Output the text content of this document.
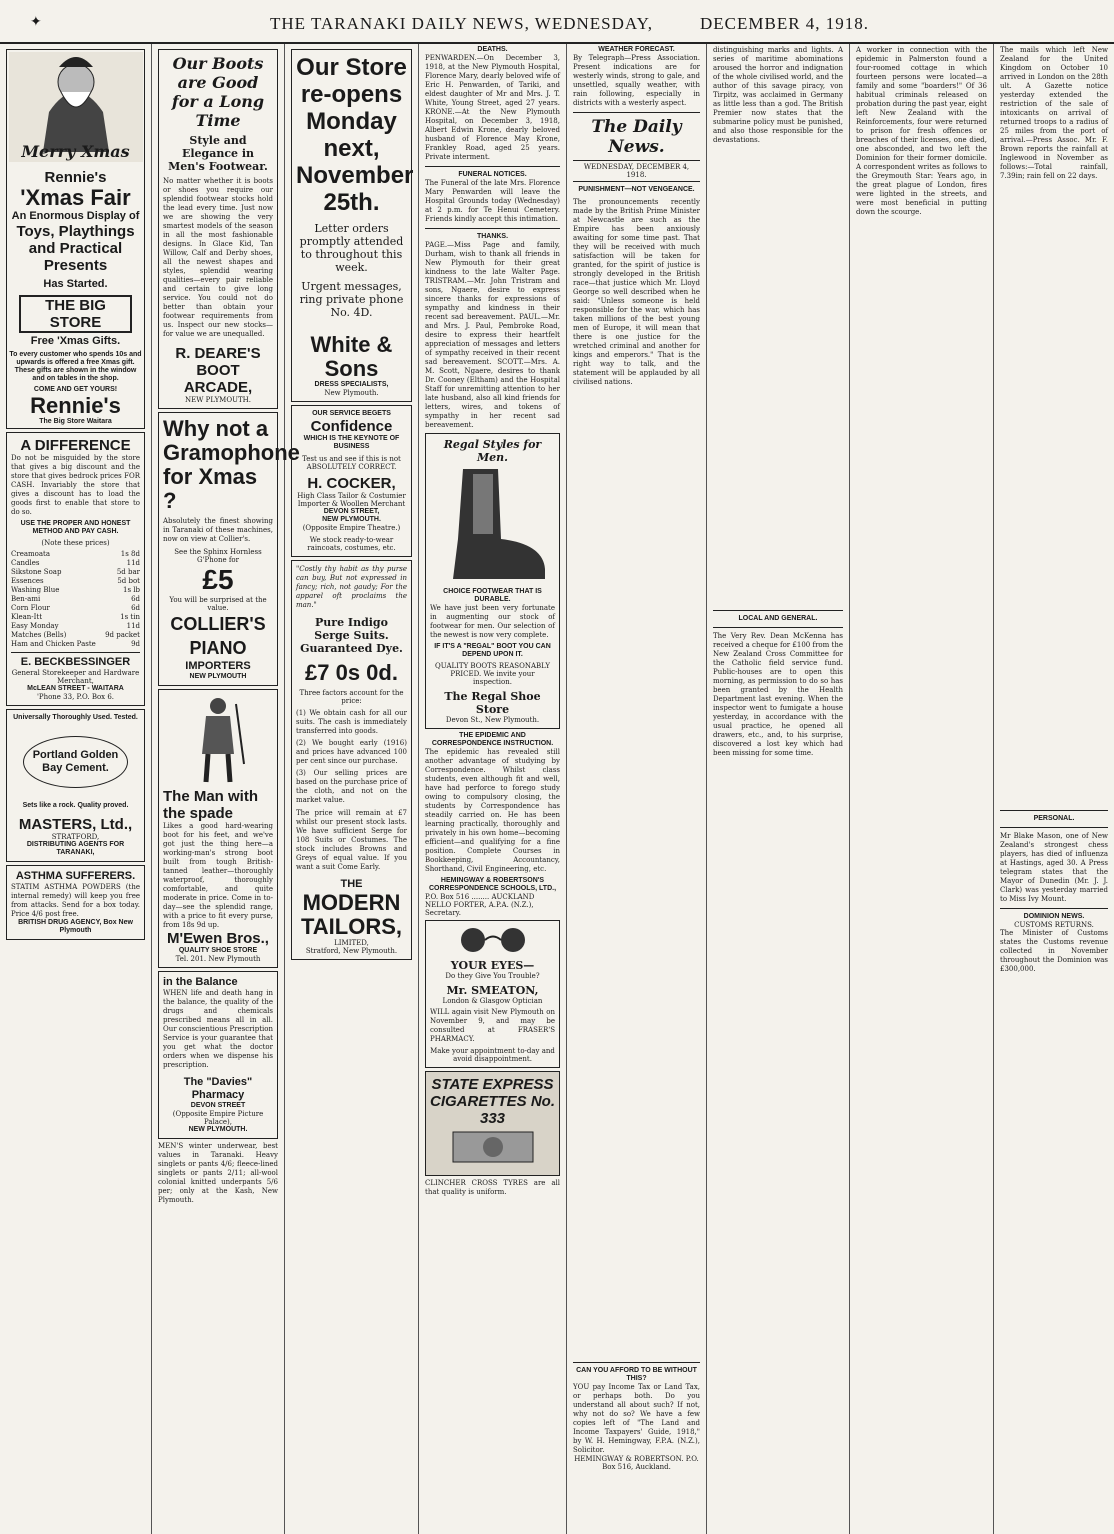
✦	THE TARANAKI DAILY NEWS, WEDNESDAY,	DECEMBER 4, 1918.
Merry Xmas
Rennie's
'Xmas Fair
An Enormous Display of
Toys, Playthings and Practical Presents
Has Started.
THE BIG STORE
Free 'Xmas Gifts.
To every customer who spends 10s and upwards is offered a free Xmas gift. These gifts are shown in the window and on tables in the shop.
COME AND GET YOURS!
Rennie's
The Big Store Waitara
A DIFFERENCE
Do not be misguided by the store that gives a big discount and the store that gives bedrock prices FOR CASH. Invariably the store that gives a discount has to load the goods first to enable that store to do so.
USE THE PROPER AND HONEST METHOD AND PAY CASH.
(Note these prices)
Creamoata	1s 8d
Candles	11d
Sikstone Soap	5d bar
Essences	5d bot
Washing Blue	1s lb
Ben-ami	6d
Corn Flour	6d
Klean-Itt	1s tin
Easy Monday	11d
Matches (Bells)	9d packet
Ham and Chicken Paste	9d
E. BECKBESSINGER
General Storekeeper and Hardware Merchant,
McLEAN STREET - WAITARA
'Phone 33, P.O. Box 6.
Universally Thoroughly Used. Tested.
Portland Golden Bay Cement.
Sets like a rock. Quality proved.
MASTERS, Ltd.,
STRATFORD,
DISTRIBUTING AGENTS FOR TARANAKI,
ASTHMA SUFFERERS.
STATIM ASTHMA POWDERS (the internal remedy) will keep you free from attacks. Send for a box today. Price 4/6 post free.
BRITISH DRUG AGENCY, Box New Plymouth
Our Boots are Good for a Long Time
Style and Elegance in Men's Footwear.
No matter whether it is boots or shoes you require our splendid footwear stocks hold the lead every time. Just now we are showing the very smartest models of the season in all the most fashionable designs. In Glace Kid, Tan Willow, Calf and Derby shoes, all the newest shapes and styles, splendid wearing qualities—every pair reliable and certain to give long service. You could not do better than obtain your footwear requirements from us. Inspect our new stocks—for value we are unequalled.
R. DEARE'S BOOT ARCADE,
NEW PLYMOUTH.
Why not a Gramophone for Xmas ?
Absolutely the finest showing in Taranaki of these machines, now on view at Collier's.
See the Sphinx Hornless G'Phone for
£5
You will be surprised at the value.
COLLIER'S PIANO
IMPORTERS
NEW PLYMOUTH
The Man with the spade
Likes a good hard-wearing boot for his feet, and we've got just the thing here—a working-man's strong boot built from tough British-tanned leather—thoroughly waterproof, thoroughly comfortable, and quite moderate in price. Come in to-day—see the splendid range, with a price to fit every purse, from 18s 9d up.
M'Ewen Bros.,
QUALITY SHOE STORE
Tel. 201. New Plymouth
in the Balance
WHEN life and death hang in the balance, the quality of the drugs and chemicals prescribed means all in all. Our conscientious Prescription Service is your guarantee that you get what the doctor orders when we dispense his prescription.
The "Davies" Pharmacy
DEVON STREET
(Opposite Empire Picture Palace),
NEW PLYMOUTH.
MEN'S winter underwear, best values in Taranaki. Heavy singlets or pants 4/6; fleece-lined singlets or pants 2/11; all-wool colonial knitted underpants 5/6 per; only at the Kash, New Plymouth.
Our Store re-opens Monday next, November 25th.
Letter orders promptly attended to throughout this week.
Urgent messages, ring private phone No. 4D.
White & Sons
DRESS SPECIALISTS,
New Plymouth.
OUR SERVICE BEGETS
Confidence
WHICH IS THE KEYNOTE OF BUSINESS
Test us and see if this is not ABSOLUTELY CORRECT.
H. COCKER,
High Class Tailor & Costumier Importer & Woollen Merchant
DEVON STREET,
NEW PLYMOUTH.
(Opposite Empire Theatre.)
We stock ready-to-wear raincoats, costumes, etc.
"Costly thy habit as thy purse can buy, But not expressed in fancy; rich, not gaudy; For the apparel oft proclaims the man."
Pure Indigo Serge Suits. Guaranteed Dye.
£7 0s 0d.
Three factors account for the price:
(1) We obtain cash for all our suits. The cash is immediately transferred into goods.
(2) We bought early (1916) and prices have advanced 100 per cent since our purchase.
(3) Our selling prices are based on the purchase price of the cloth, and not on the market value.
The price will remain at £7 whilst our present stock lasts. We have sufficient Serge for 108 Suits or Costumes. The stock includes Browns and Greys of equal value. If you want a suit Come Early.
THE
MODERN TAILORS,
LIMITED,
Stratford, New Plymouth.
DEATHS.
PENWARDEN.—On December 3, 1918, at the New Plymouth Hospital, Florence Mary, dearly beloved wife of Eric H. Penwarden, of Tariki, and eldest daughter of Mr and Mrs. J. T. White, Young Street, aged 27 years. KRONE.—At the New Plymouth Hospital, on December 3, 1918, Albert Edwin Krone, dearly beloved husband of Florence May Krone, Frankley Road, aged 25 years. Private interment.
FUNERAL NOTICES.
The Funeral of the late Mrs. Florence Mary Penwarden will leave the Hospital Grounds today (Wednesday) at 2 p.m. for Te Henui Cemetery. Friends kindly accept this intimation.
THANKS.
PAGE.—Miss Page and family, Durham, wish to thank all friends in New Plymouth for their great kindness to the late Walter Page. TRISTRAM.—Mr. John Tristram and sons, Ngaere, desire to express sincere thanks for expressions of sympathy and kindness in their recent sad bereavement. PAUL.—Mr. and Mrs. J. Paul, Pembroke Road, desire to express their heartfelt appreciation of messages and letters of sympathy received in their recent sad bereavement. SCOTT.—Mrs. A. M. Scott, Ngaere, desires to thank Dr. Cooney (Eltham) and the Hospital Staff for unremitting attention to her late husband, also all kind friends for letters, wires, and tokens of sympathy in her recent sad bereavement.
Regal Styles for Men.
CHOICE FOOTWEAR THAT IS DURABLE.
We have just been very fortunate in augmenting our stock of footwear for men. Our selection of the newest is now very complete.
IF IT'S A "REGAL" BOOT YOU CAN DEPEND UPON IT.
QUALITY BOOTS REASONABLY PRICED. We invite your inspection.
The Regal Shoe Store
Devon St., New Plymouth.
THE EPIDEMIC AND CORRESPONDENCE INSTRUCTION.
The epidemic has revealed still another advantage of studying by Correspondence. Whilst class students, even although fit and well, have had perforce to forego study owing to compulsory closing, the students by Correspondence has steadily carried on. He has been learning practically, thoroughly and privately in his own home—becoming efficient—and qualifying for a fine position. Complete Courses in Bookkeeping, Accountancy, Shorthand, Civil Engineering, etc.
HEMINGWAY & ROBERTSON'S CORRESPONDENCE SCHOOLS, LTD.,
P.O. Box 516 ........ AUCKLAND
NELLO FORTER, A.P.A. (N.Z.), Secretary.
YOUR EYES—
Do they Give You Trouble?
Mr. SMEATON,
London & Glasgow Optician
WILL again visit New Plymouth on November 9, and may be consulted at FRASER'S PHARMACY.
Make your appointment to-day and avoid disappointment.
STATE EXPRESS CIGARETTES No. 333
CLINCHER CROSS TYRES are all that quality is uniform.
WEATHER FORECAST.
By Telegraph—Press Association. Present indications are for westerly winds, strong to gale, and unsettled, squally weather, with rain following, especially in districts with a westerly aspect.
The Daily News.
WEDNESDAY, DECEMBER 4, 1918.
PUNISHMENT—NOT VENGEANCE.
The pronouncements recently made by the British Prime Minister at Newcastle are such as the Empire has been anxiously awaiting for some time past. That they will be received with much satisfaction will be taken for granted, for the spirit of justice is strongly developed in the British race—that justice which Mr. Lloyd George so well described when he said: "Unless someone is held responsible for the war, which has taken millions of the best young men of Europe, it will mean that there is one justice for the wretched criminal and another for kings and emperors." That is the right way to talk, and the statement will be applauded by all civilised nations.
CAN YOU AFFORD TO BE WITHOUT THIS?
YOU pay Income Tax or Land Tax, or perhaps both. Do you understand all about such? If not, why not do so? We have a few copies left of "The Land and Income Taxpayers' Guide, 1918," by W. H. Hemingway, F.P.A. (N.Z.), Solicitor.
HEMINGWAY & ROBERTSON. P.O. Box 516, Auckland.
distinguishing marks and lights. A series of maritime abominations aroused the horror and indignation of the whole civilised world, and the author of this savage piracy, von Tirpitz, was acclaimed in Germany as little less than a god. The British Premier now states that the submarine policy must be punished, and also those responsible for the devastations.
LOCAL AND GENERAL.
The Very Rev. Dean McKenna has received a cheque for £100 from the New Zealand Cross Committee for the Catholic field service fund. Public-houses are to open this morning, as permission to do so has been granted by the Health Department last evening. When the inspector went to fumigate a house yesterday, in accordance with the usual practice, he opened all drawers, etc., and, to his surprise, discovered a lost key which had been missing for some time.
A worker in connection with the epidemic in Palmerston found a four-roomed cottage in which fourteen persons were located—a family and some "boarders!" Of 36 habitual criminals released on probation during the past year, eight left New Zealand with the Reinforcements, four were returned to prison for fresh offences or breaches of their licenses, one died, one absconded, and two left the Dominion for their former domicile. A correspondent writes as follows to the Greymouth Star: Years ago, in the great plague of London, fires were lighted in the streets, and were most beneficial in putting down the scourge.
The mails which left New Zealand for the United Kingdom on October 10 arrived in London on the 28th ult. A Gazette notice yesterday extended the restriction of the sale of intoxicants on arrival of returned troops to a radius of 25 miles from the port of arrival.—Press Assoc. Mr. F. Brown reports the rainfall at Inglewood in November as follows:—Total rainfall, 7.39in; rain fell on 22 days.
PERSONAL.
Mr Blake Mason, one of New Zealand's strongest chess players, has died of influenza at Hastings, aged 30. A Press telegram states that the Mayor of Dunedin (Mr. J. J. Clark) was yesterday married to Miss Ivy Mount.
DOMINION NEWS.
CUSTOMS RETURNS.
The Minister of Customs states the Customs revenue collected in November throughout the Dominion was £300,000.
